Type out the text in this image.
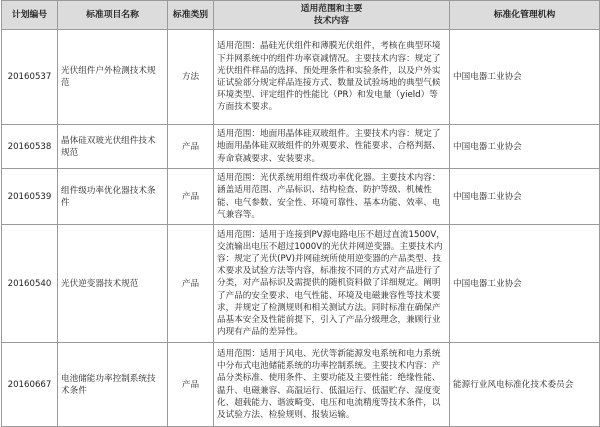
计划编号	标准项目名称	标准类别	适用范围和主要
技术内容	标准化管理机构
20160537	光伏组件户外检测技术规范	方法	适用范围：晶硅光伏组件和薄膜光伏组件，考核在典型环境下并网系统中的组件功率衰减情况。主要技术内容：规定了光伏组件样品的选择、预处理条件和实验条件，以及户外实证试验部分规定样品连接方式、数量及试验场地的典型气候环境类型、评定组件的性能比（PR）和发电量（yield）等方面技术要求。	中国电器工业协会
20160538	晶体硅双玻光伏组件技术规范	产品	适用范围：地面用晶体硅双玻组件。主要技术内容：规定了地面用晶体硅双玻组件的外观要求、性能要求、合格判据、寿命衰减要求、安装要求。	中国电器工业协会
20160539	组件级功率优化器技术条件	产品	适用范围：光伏系统用组件级功率优化器。主要技术内容：涵盖适用范围、产品标识、结构检查、防护等级、机械性能、电气参数、安全性、环境可靠性、基本功能、效率、电气兼容等。	中国电器工业协会
20160540	光伏逆变器技术规范	产品	适用范围：适用于连接到PV源电路电压不超过直流1500V，交流输出电压不超过1000V的光伏并网逆变器。主要技术内容：规定了光伏(PV)并网硅统所使用逆变器的产品类型、技术要求及试验方法等内容，标准按不同的方式对产品进行了分类，对产品标识及需提供的随机资料做了详细规定。阐明了产品的安全要求、电气性能、环境及电磁兼容性等技术要求，并规定了检测规则和相关测试方法。同时标准在确保产品基本安全及性能前提下，引入了产品分级理念，兼顾行业内现有产品的差异性。	中国电器工业协会
20160667	电池储能功率控制系统技术条件	产品	适用范围：适用于风电、光伏等新能源发电系统和电力系统中分布式电池储能系统的功率控制系统。主要技术内容：产品分类标准、使用条件、主要功能及主要性能：绝缘性能、温升、电磁兼容、高温运行、低温运行、低温贮存、湿度变化、超载能力、谐波畸变、电压和电流精度等技术条件，以及试验方法、检验规则、报装运输。	能源行业风电标准化技术委员会
